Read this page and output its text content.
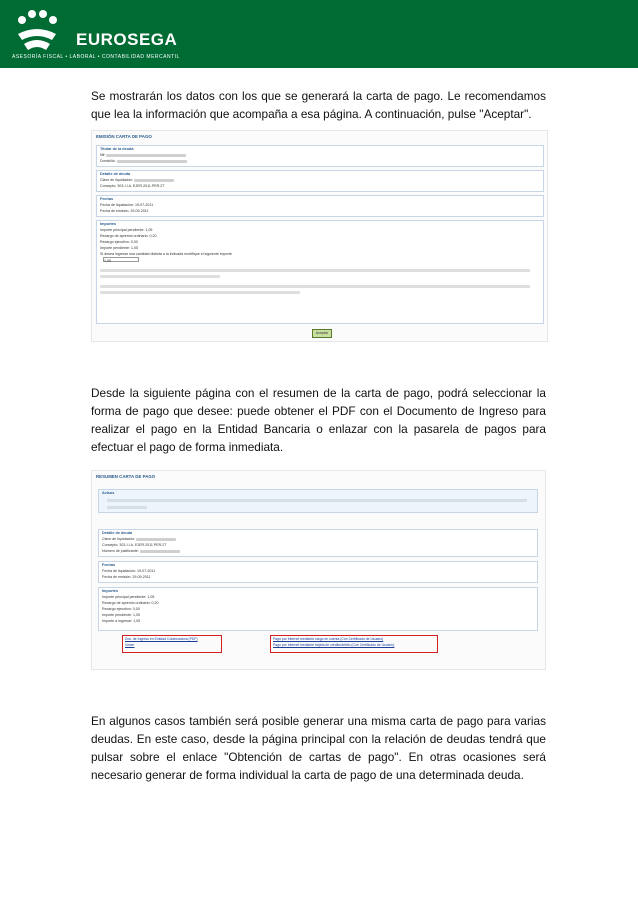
EUROSEGA
ASESORÍA FISCAL • LABORAL • CONTABILIDAD MERCANTIL

Se mostrarán los datos con los que se generará la carta de pago. Le recomendamos que lea la información que acompaña a esa página. A continuación, pulse "Aceptar".

EMISIÓN CARTA DE PAGO
Titular de la deuda
Nif:
Domicilio:
Detalle de deuda
Clave de liquidación:
Concepto: 303-I.I.A. EJER.2011.PER.2T
Fechas
Fecha de liquidación: 19-07-2011
Fecha de emisión: 29-09-2011
Importes
Importe principal pendiente: 1,05
Recargo de apremio ordinario: 0,20
Recargo ejecutivo: 0,00
Importe pendiente: 1,05
Si desea ingresar una cantidad distinta a la indicada modifique el siguiente importe
1,05
Aceptar

Desde la siguiente página con el resumen de la carta de pago, podrá seleccionar la forma de pago que desee: puede obtener el PDF con el Documento de Ingreso para realizar el pago en la Entidad Bancaria o enlazar con la pasarela de pagos para efectuar el pago de forma inmediata.

RESUMEN CARTA DE PAGO
Avisos
Detalle de deuda
Clave de liquidación:
Concepto: 303-I.I.A. EJER.2011.PER.2T
Número de justificante:
Fechas
Fecha de liquidación: 19-07-2011
Fecha de emisión: 29-09-2011
Importes
Importe principal pendiente: 1,05
Recargo de apremio ordinario: 0,20
Recargo ejecutivo: 0,00
Importe pendiente: 1,05
Importe a ingresar: 1,05
Doc. de Ingreso en Entidad Colaboradora (PDF)
Volver
Pago por Internet mediante cargo en cuenta (Con Certificado de Usuario)
Pago por Internet mediante tarjeta de crédito/débito (Con Certificado de Usuario)

En algunos casos también será posible generar una misma carta de pago para varias deudas. En este caso, desde la página principal con la relación de deudas tendrá que pulsar sobre el enlace "Obtención de cartas de pago". En otras ocasiones será necesario generar de forma individual la carta de pago de una determinada deuda.
